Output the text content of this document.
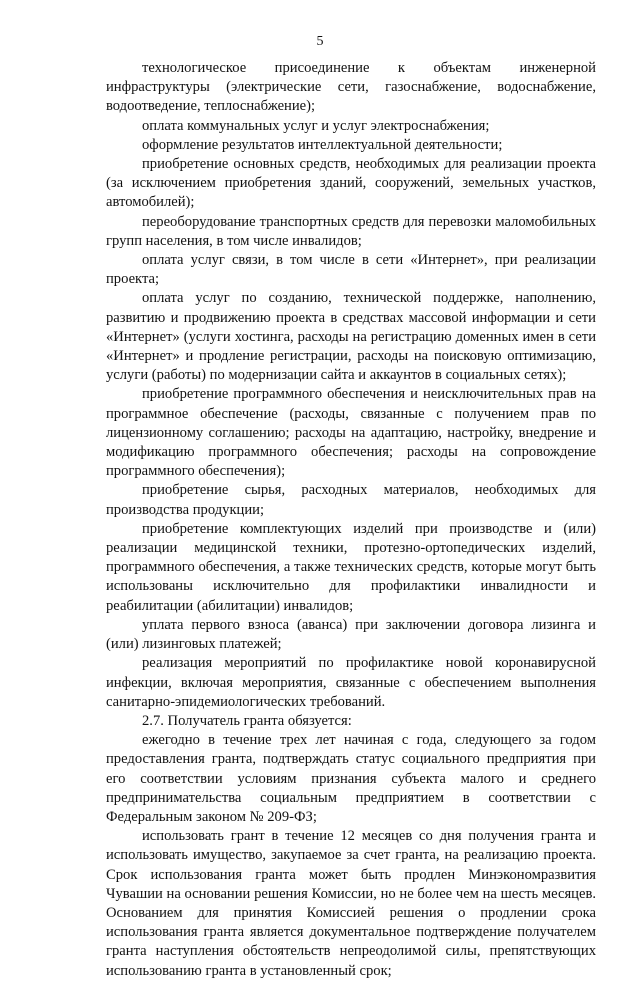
5

технологическое присоединение к объектам инженерной инфраструктуры (электрические сети, газоснабжение, водоснабжение, водоотведение, теплоснабжение);

оплата коммунальных услуг и услуг электроснабжения;

оформление результатов интеллектуальной деятельности;

приобретение основных средств, необходимых для реализации проекта (за исключением приобретения зданий, сооружений, земельных участков, автомобилей);

переоборудование транспортных средств для перевозки маломобильных групп населения, в том числе инвалидов;

оплата услуг связи, в том числе в сети «Интернет», при реализации проекта;

оплата услуг по созданию, технической поддержке, наполнению, развитию и продвижению проекта в средствах массовой информации и сети «Интернет» (услуги хостинга, расходы на регистрацию доменных имен в сети «Интернет» и продление регистрации, расходы на поисковую оптимизацию, услуги (работы) по модернизации сайта и аккаунтов в социальных сетях);

приобретение программного обеспечения и неисключительных прав на программное обеспечение (расходы, связанные с получением прав по лицензионному соглашению; расходы на адаптацию, настройку, внедрение и модификацию программного обеспечения; расходы на сопровождение программного обеспечения);

приобретение сырья, расходных материалов, необходимых для производства продукции;

приобретение комплектующих изделий при производстве и (или) реализации медицинской техники, протезно-ортопедических изделий, программного обеспечения, а также технических средств, которые могут быть использованы исключительно для профилактики инвалидности и реабилитации (абилитации) инвалидов;

уплата первого взноса (аванса) при заключении договора лизинга и (или) лизинговых платежей;

реализация мероприятий по профилактике новой коронавирусной инфекции, включая мероприятия, связанные с обеспечением выполнения санитарно-эпидемиологических требований.

2.7. Получатель гранта обязуется:

ежегодно в течение трех лет начиная с года, следующего за годом предоставления гранта, подтверждать статус социального предприятия при его соответствии условиям признания субъекта малого и среднего предпринимательства социальным предприятием в соответствии с Федеральным законом № 209-ФЗ;

использовать грант в течение 12 месяцев со дня получения гранта и использовать имущество, закупаемое за счет гранта, на реализацию проекта. Срок использования гранта может быть продлен Минэкономразвития Чувашии на основании решения Комиссии, но не более чем на шесть месяцев. Основанием для принятия Комиссией решения о продлении срока использования гранта является документальное подтверждение получателем гранта наступления обстоятельств непреодолимой силы, препятствующих использованию гранта в установленный срок;
